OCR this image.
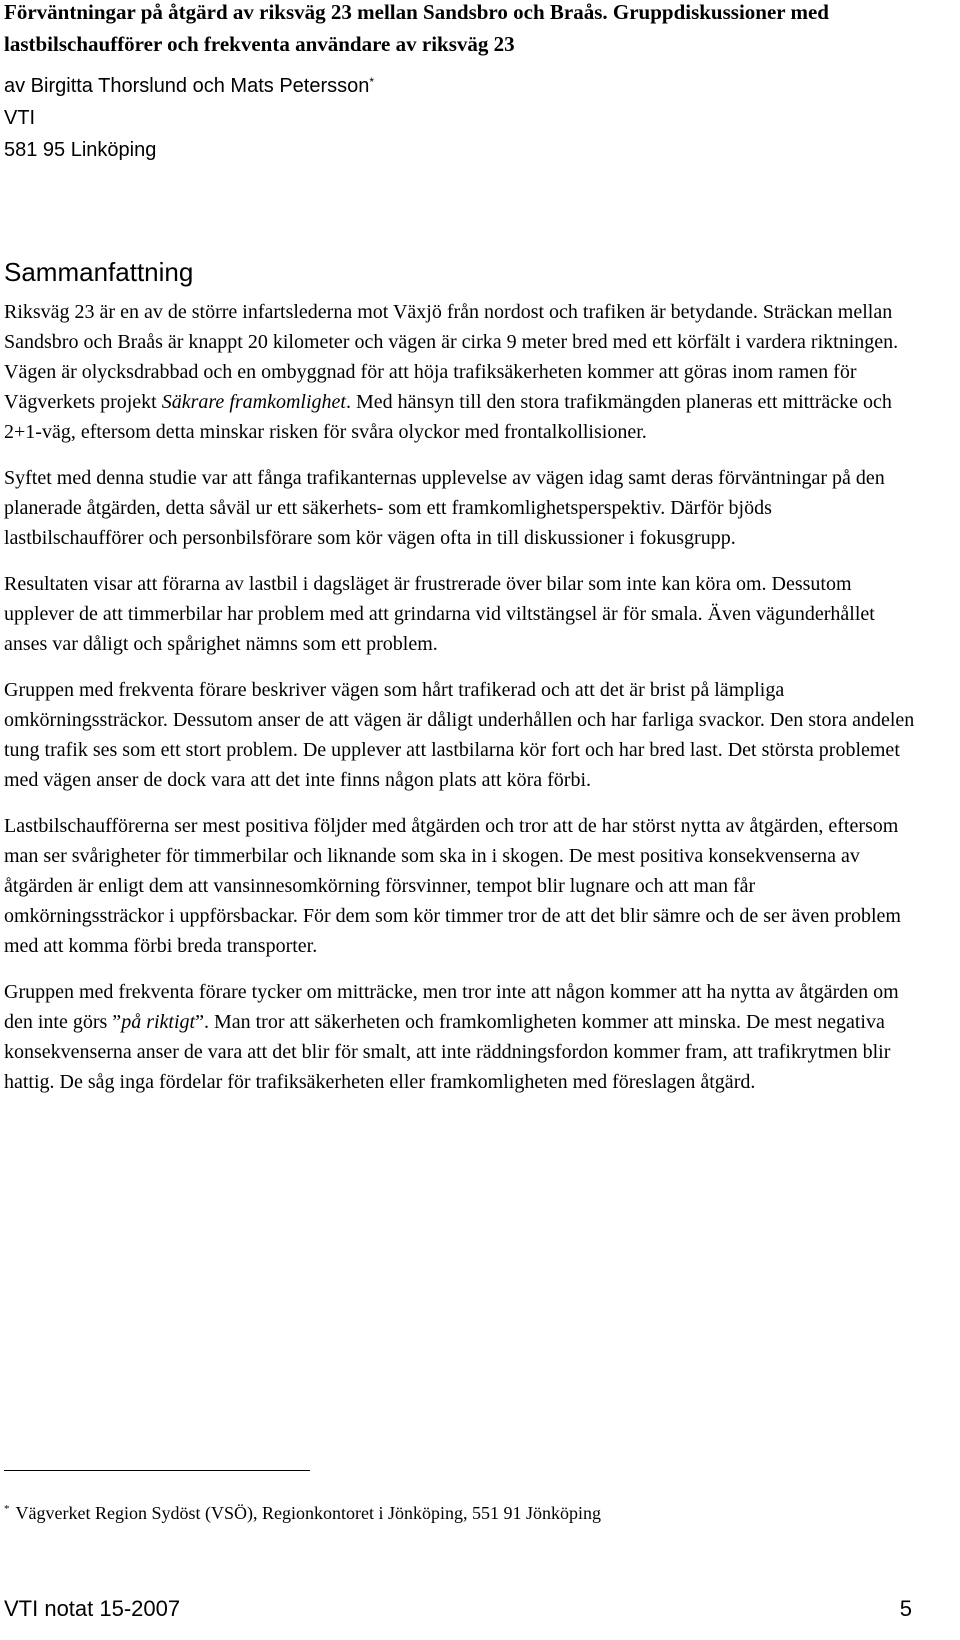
Förväntningar på åtgärd av riksväg 23 mellan Sandsbro och Braås. Gruppdiskussioner med lastbilschaufförer och frekventa användare av riksväg 23
av Birgitta Thorslund och Mats Petersson*
VTI
581 95 Linköping
Sammanfattning

Riksväg 23 är en av de större infartslederna mot Växjö från nordost och trafiken är betydande. Sträckan mellan Sandsbro och Braås är knappt 20 kilometer och vägen är cirka 9 meter bred med ett körfält i vardera riktningen. Vägen är olycksdrabbad och en ombyggnad för att höja trafiksäkerheten kommer att göras inom ramen för Vägverkets projekt Säkrare framkomlighet. Med hänsyn till den stora trafikmängden planeras ett mitträcke och 2+1-väg, eftersom detta minskar risken för svåra olyckor med frontalkollisioner.

Syftet med denna studie var att fånga trafikanternas upplevelse av vägen idag samt deras förväntningar på den planerade åtgärden, detta såväl ur ett säkerhets- som ett framkomlighetsperspektiv. Därför bjöds lastbilschaufförer och personbilsförare som kör vägen ofta in till diskussioner i fokusgrupp.

Resultaten visar att förarna av lastbil i dagsläget är frustrerade över bilar som inte kan köra om. Dessutom upplever de att timmerbilar har problem med att grindarna vid viltstängsel är för smala. Även vägunderhållet anses var dåligt och spårighet nämns som ett problem.

Gruppen med frekventa förare beskriver vägen som hårt trafikerad och att det är brist på lämpliga omkörningssträckor. Dessutom anser de att vägen är dåligt underhållen och har farliga svackor. Den stora andelen tung trafik ses som ett stort problem. De upplever att lastbilarna kör fort och har bred last. Det största problemet med vägen anser de dock vara att det inte finns någon plats att köra förbi.

Lastbilschaufförerna ser mest positiva följder med åtgärden och tror att de har störst nytta av åtgärden, eftersom man ser svårigheter för timmerbilar och liknande som ska in i skogen. De mest positiva konsekvenserna av åtgärden är enligt dem att vansinnesomkörning försvinner, tempot blir lugnare och att man får omkörningssträckor i uppförsbackar. För dem som kör timmer tror de att det blir sämre och de ser även problem med att komma förbi breda transporter.

Gruppen med frekventa förare tycker om mitträcke, men tror inte att någon kommer att ha nytta av åtgärden om den inte görs ”på riktigt”. Man tror att säkerheten och framkomligheten kommer att minska. De mest negativa konsekvenserna anser de vara att det blir för smalt, att inte räddningsfordon kommer fram, att trafikrytmen blir hattig. De såg inga fördelar för trafiksäkerheten eller framkomligheten med föreslagen åtgärd.

* Vägverket Region Sydöst (VSÖ), Regionkontoret i Jönköping, 551 91 Jönköping
VTI notat 15-2007	5
